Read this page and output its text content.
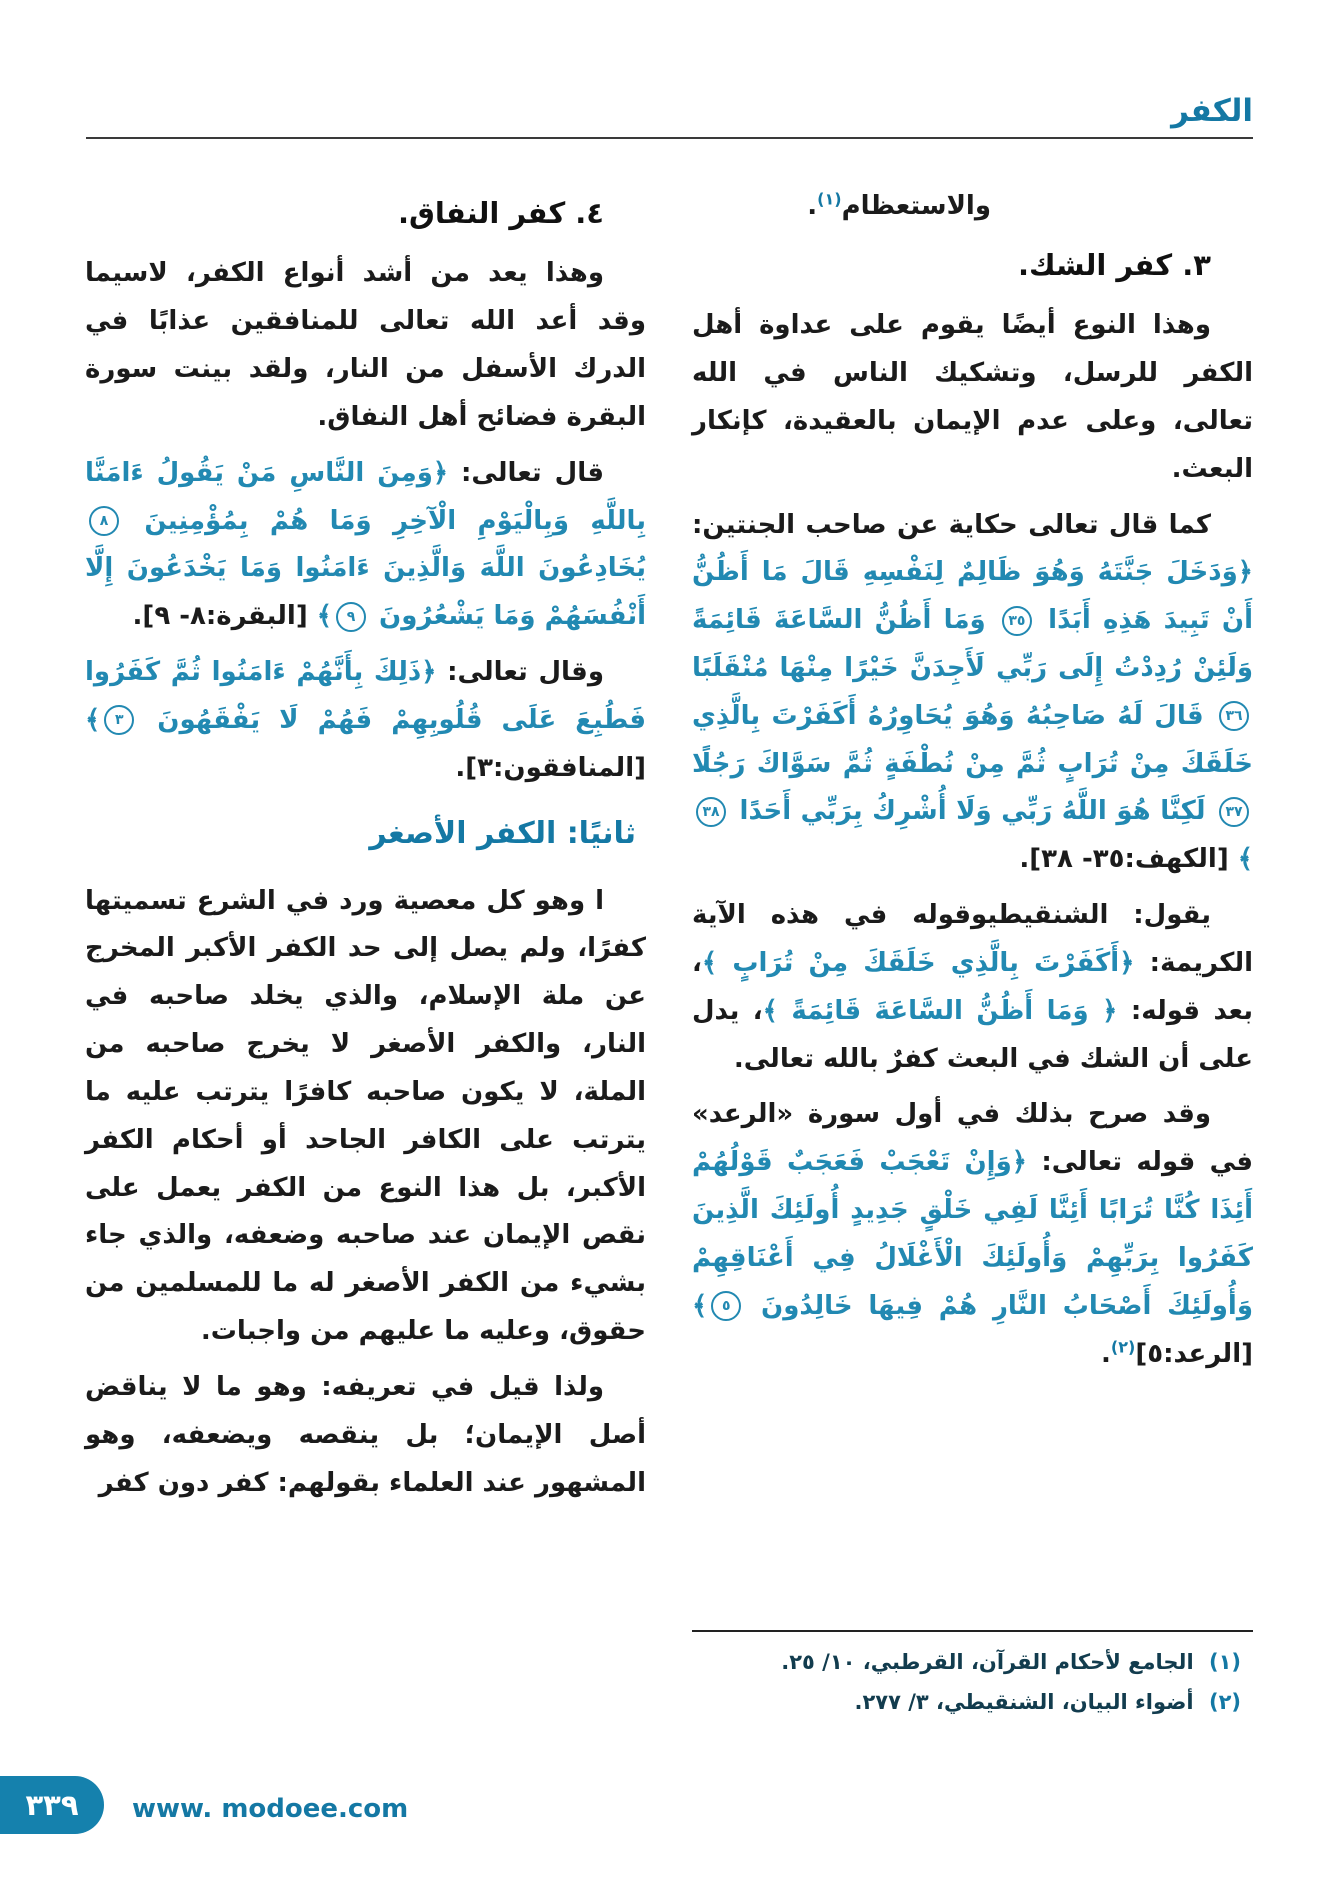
الكفر

والاستعظام$^{(١)}$.

٣. كفر الشك.

وهذا النوع أيضًا يقوم على عداوة أهل الكفر للرسل، وتشكيك الناس في الله تعالى، وعلى عدم الإيمان بالعقيدة، كإنكار البعث.

كما قال تعالى حكاية عن صاحب الجنتين: ﴿وَدَخَلَ جَنَّتَهُ وَهُوَ ظَالِمٌ لِنَفْسِهِ قَالَ مَا أَظُنُّ أَنْ تَبِيدَ هَذِهِ أَبَدًا ٣٥ وَمَا أَظُنُّ السَّاعَةَ قَائِمَةً وَلَئِنْ رُدِدْتُ إِلَى رَبِّي لَأَجِدَنَّ خَيْرًا مِنْهَا مُنْقَلَبًا ٣٦ قَالَ لَهُ صَاحِبُهُ وَهُوَ يُحَاوِرُهُ أَكَفَرْتَ بِالَّذِي خَلَقَكَ مِنْ تُرَابٍ ثُمَّ مِنْ نُطْفَةٍ ثُمَّ سَوَّاكَ رَجُلًا ٣٧ لَكِنَّا هُوَ اللَّهُ رَبِّي وَلَا أُشْرِكُ بِرَبِّي أَحَدًا ٣٨﴾ [الكهف:٣٥- ٣٨].

يقول: الشنقيطيوقوله في هذه الآية الكريمة: ﴿أَكَفَرْتَ بِالَّذِي خَلَقَكَ مِنْ تُرَابٍ ﴾، بعد قوله: ﴿ وَمَا أَظُنُّ السَّاعَةَ قَائِمَةً ﴾، يدل على أن الشك في البعث كفرٌ بالله تعالى.

وقد صرح بذلك في أول سورة «الرعد» في قوله تعالى: ﴿وَإِنْ تَعْجَبْ فَعَجَبٌ قَوْلُهُمْ أَئِذَا كُنَّا تُرَابًا أَئِنَّا لَفِي خَلْقٍ جَدِيدٍ أُولَئِكَ الَّذِينَ كَفَرُوا بِرَبِّهِمْ وَأُولَئِكَ الْأَغْلَالُ فِي أَعْنَاقِهِمْ وَأُولَئِكَ أَصْحَابُ النَّارِ هُمْ فِيهَا خَالِدُونَ ٥﴾ [الرعد:٥]$^{(٢)}$.

(١) الجامع لأحكام القرآن، القرطبي، ١٠/ ٢٥.

(٢) أضواء البيان، الشنقيطي، ٣/ ٢٧٧.

٤. كفر النفاق.

وهذا يعد من أشد أنواع الكفر، لاسيما وقد أعد الله تعالى للمنافقين عذابًا في الدرك الأسفل من النار، ولقد بينت سورة البقرة فضائح أهل النفاق.

قال تعالى: ﴿وَمِنَ النَّاسِ مَنْ يَقُولُ ءَامَنَّا بِاللَّهِ وَبِالْيَوْمِ الْآخِرِ وَمَا هُمْ بِمُؤْمِنِينَ ٨ يُخَادِعُونَ اللَّهَ وَالَّذِينَ ءَامَنُوا وَمَا يَخْدَعُونَ إِلَّا أَنْفُسَهُمْ وَمَا يَشْعُرُونَ ٩﴾ [البقرة:٨- ٩].

وقال تعالى: ﴿ذَلِكَ بِأَنَّهُمْ ءَامَنُوا ثُمَّ كَفَرُوا فَطُبِعَ عَلَى قُلُوبِهِمْ فَهُمْ لَا يَفْقَهُونَ ٣﴾ [المنافقون:٣].

ثانيًا: الكفر الأصغر

ا وهو كل معصية ورد في الشرع تسميتها كفرًا، ولم يصل إلى حد الكفر الأكبر المخرج عن ملة الإسلام، والذي يخلد صاحبه في النار، والكفر الأصغر لا يخرج صاحبه من الملة، لا يكون صاحبه كافرًا يترتب عليه ما يترتب على الكافر الجاحد أو أحكام الكفر الأكبر، بل هذا النوع من الكفر يعمل على نقص الإيمان عند صاحبه وضعفه، والذي جاء بشيء من الكفر الأصغر له ما للمسلمين من حقوق، وعليه ما عليهم من واجبات.

ولذا قيل في تعريفه: وهو ما لا يناقض أصل الإيمان؛ بل ينقصه ويضعفه، وهو المشهور عند العلماء بقولهم: كفر دون كفر

٣٣٩ www. modoee.com
